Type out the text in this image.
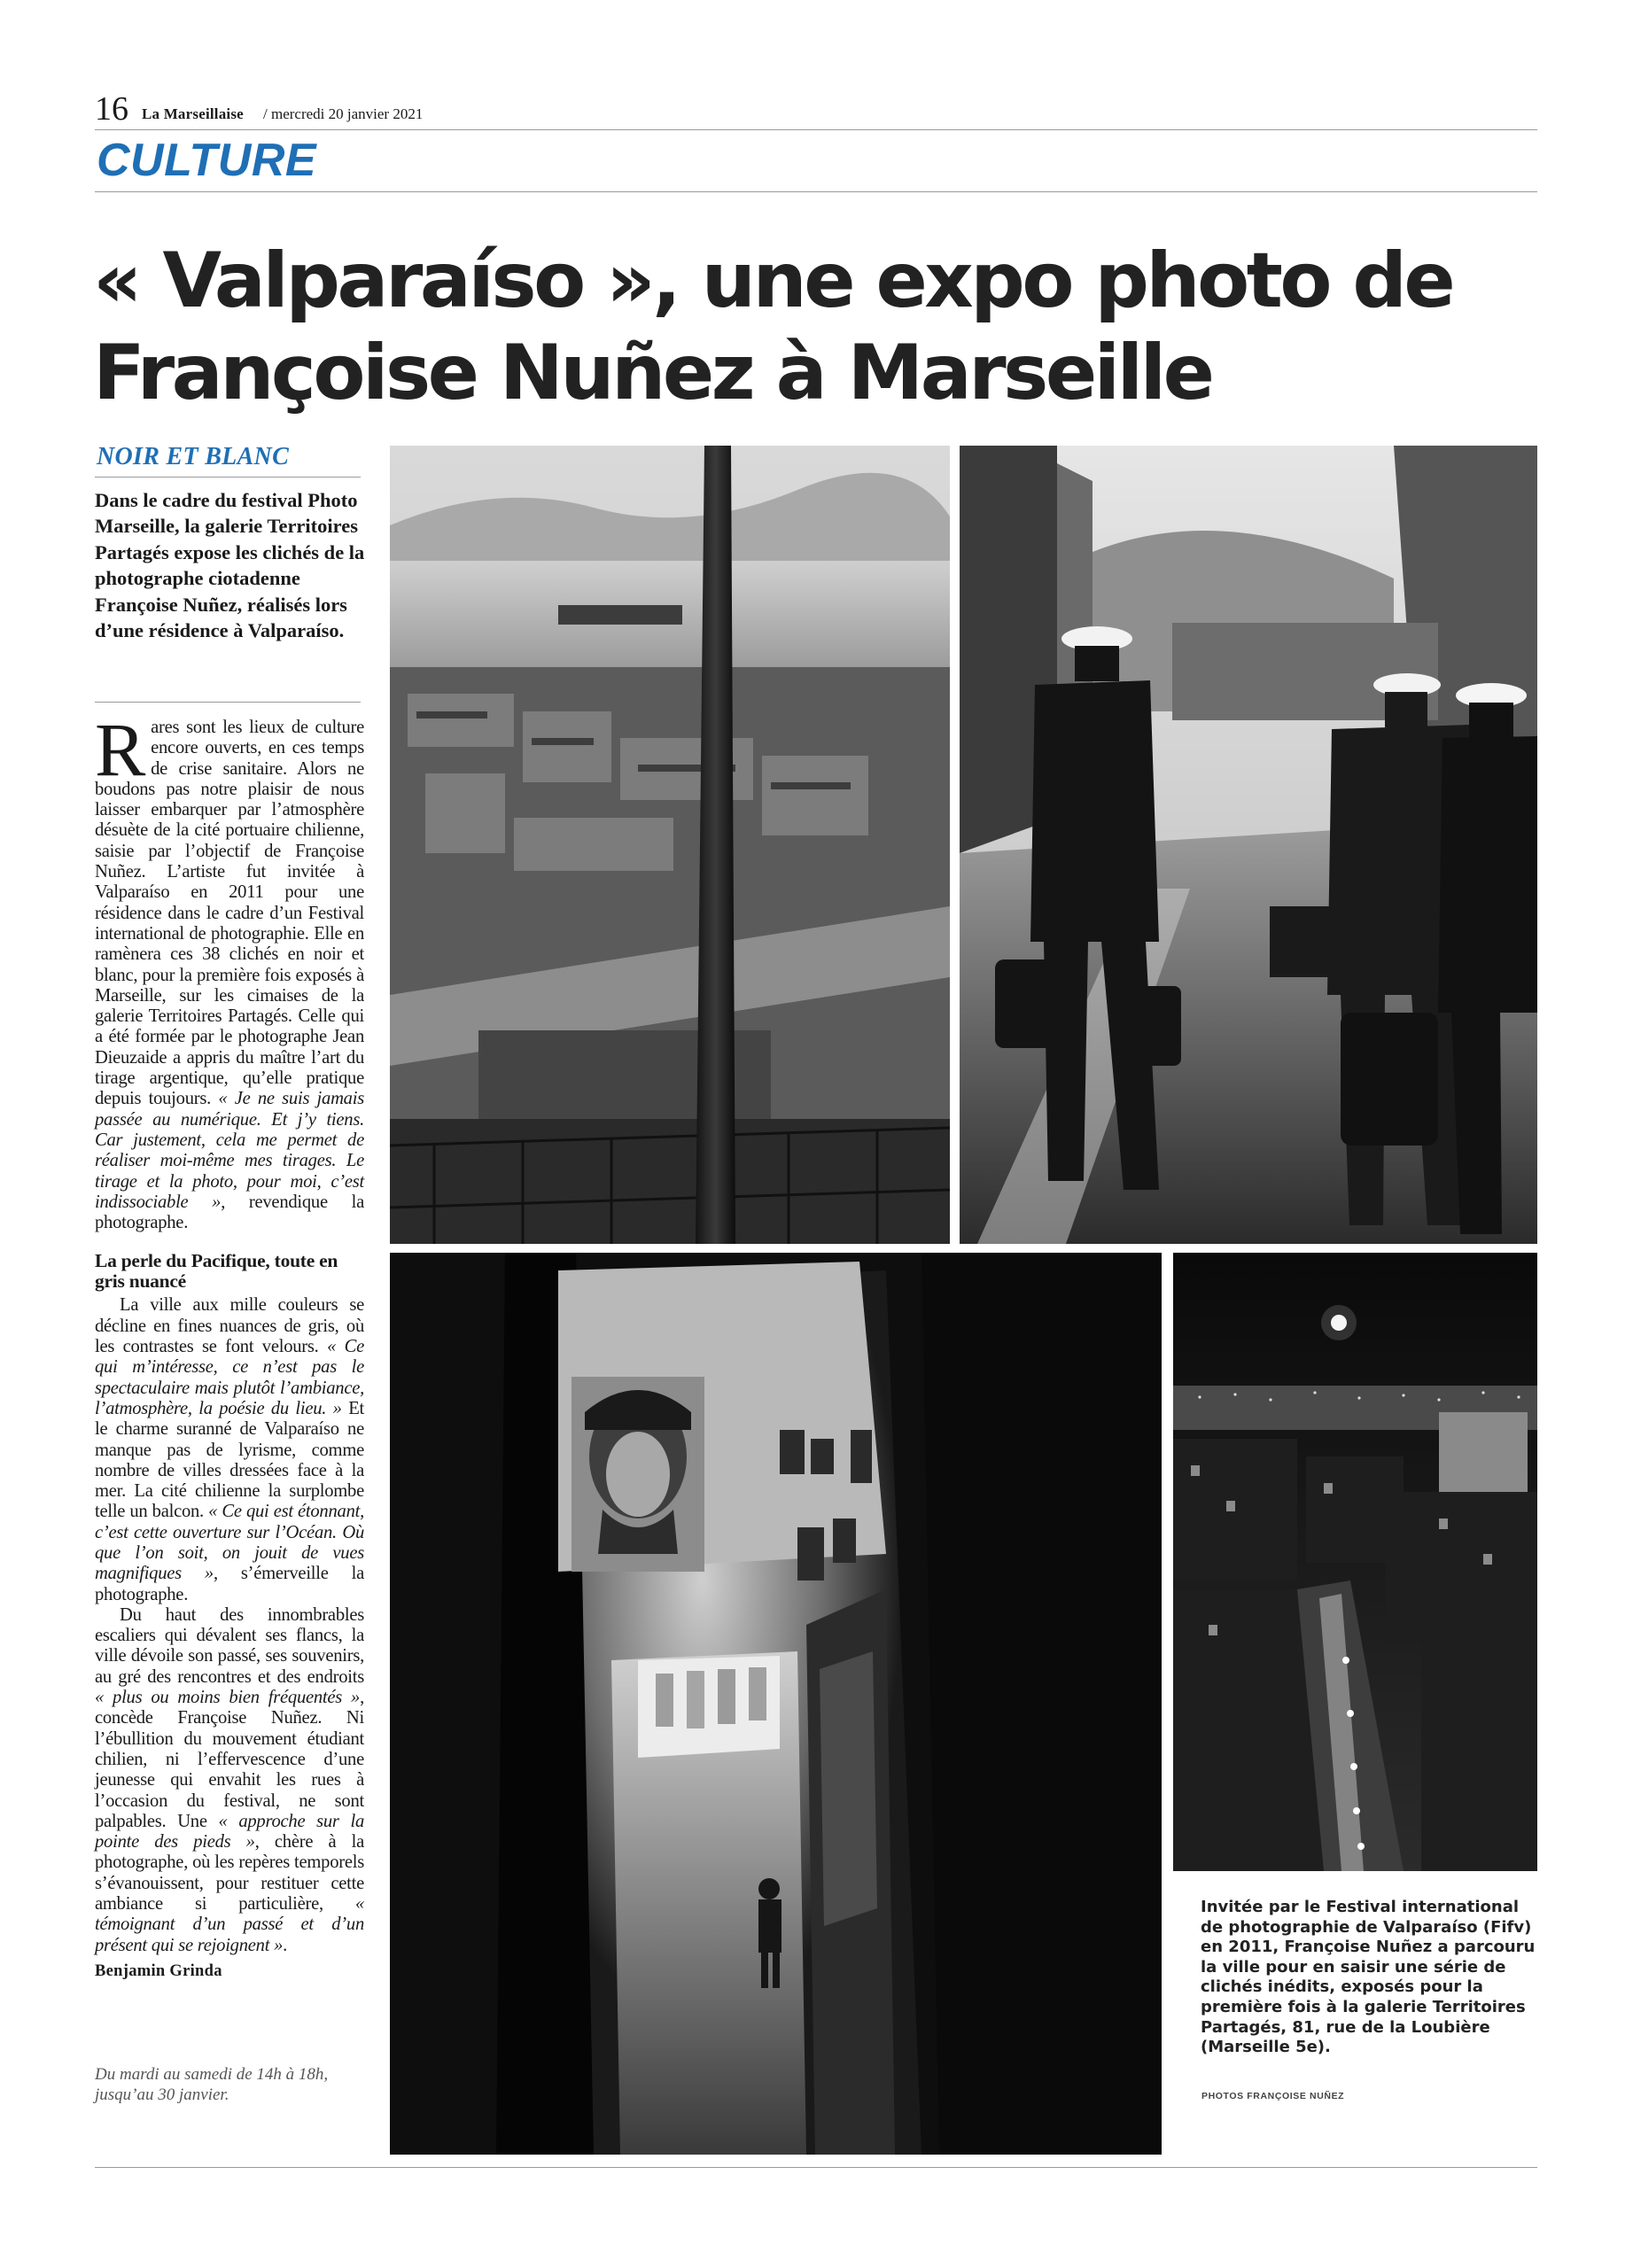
16 La Marseillaise / mercredi 20 janvier 2021
CULTURE
« Valparaíso », une expo photo de Françoise Nuñez à Marseille
NOIR ET BLANC

Dans le cadre du festival Photo Marseille, la galerie Territoires Partagés expose les clichés de la photographe ciotadenne Françoise Nuñez, réalisés lors d’une résidence à Valparaíso.

Rares sont les lieux de culture encore ouverts, en ces temps de crise sanitaire. Alors ne boudons pas notre plaisir de nous laisser embarquer par l’atmosphère désuète de la cité portuaire chilienne, saisie par l’objectif de Françoise Nuñez. L’artiste fut invitée à Valparaíso en 2011 pour une résidence dans le cadre d’un Festival international de photographie. Elle en ramènera ces 38 clichés en noir et blanc, pour la première fois exposés à Marseille, sur les cimaises de la galerie Territoires Partagés. Celle qui a été formée par le photographe Jean Dieuzaide a appris du maître l’art du tirage argentique, qu’elle pratique depuis toujours. « Je ne suis jamais passée au numérique. Et j’y tiens. Car justement, cela me permet de réaliser moi-même mes tirages. Le tirage et la photo, pour moi, c’est indissociable », revendique la photographe.

La perle du Pacifique, toute en gris nuancé

La ville aux mille couleurs se décline en fines nuances de gris, où les contrastes se font velours. « Ce qui m’intéresse, ce n’est pas le spectaculaire mais plutôt l’ambiance, l’atmosphère, la poésie du lieu. » Et le charme suranné de Valparaíso ne manque pas de lyrisme, comme nombre de villes dressées face à la mer. La cité chilienne la surplombe telle un balcon. « Ce qui est étonnant, c’est cette ouverture sur l’Océan. Où que l’on soit, on jouit de vues magnifiques », s’émerveille la photographe.

Du haut des innombrables escaliers qui dévalent ses flancs, la ville dévoile son passé, ses souvenirs, au gré des rencontres et des endroits « plus ou moins bien fréquentés », concède Françoise Nuñez. Ni l’ébullition du mouvement étudiant chilien, ni l’effervescence d’une jeunesse qui envahit les rues à l’occasion du festival, ne sont palpables. Une « approche sur la pointe des pieds », chère à la photographe, où les repères temporels s’évanouissent, pour restituer cette ambiance si particulière, « témoignant d’un passé et d’un présent qui se rejoignent ».

Benjamin Grinda

Du mardi au samedi de 14h à 18h, jusqu’au 30 janvier.

Invitée par le Festival international de photographie de Valparaíso (Fifv) en 2011, Françoise Nuñez a parcouru la ville pour en saisir une série de clichés inédits, exposés pour la première fois à la galerie Territoires Partagés, 81, rue de la Loubière (Marseille 5e).

PHOTOS FRANÇOISE NUÑEZ
